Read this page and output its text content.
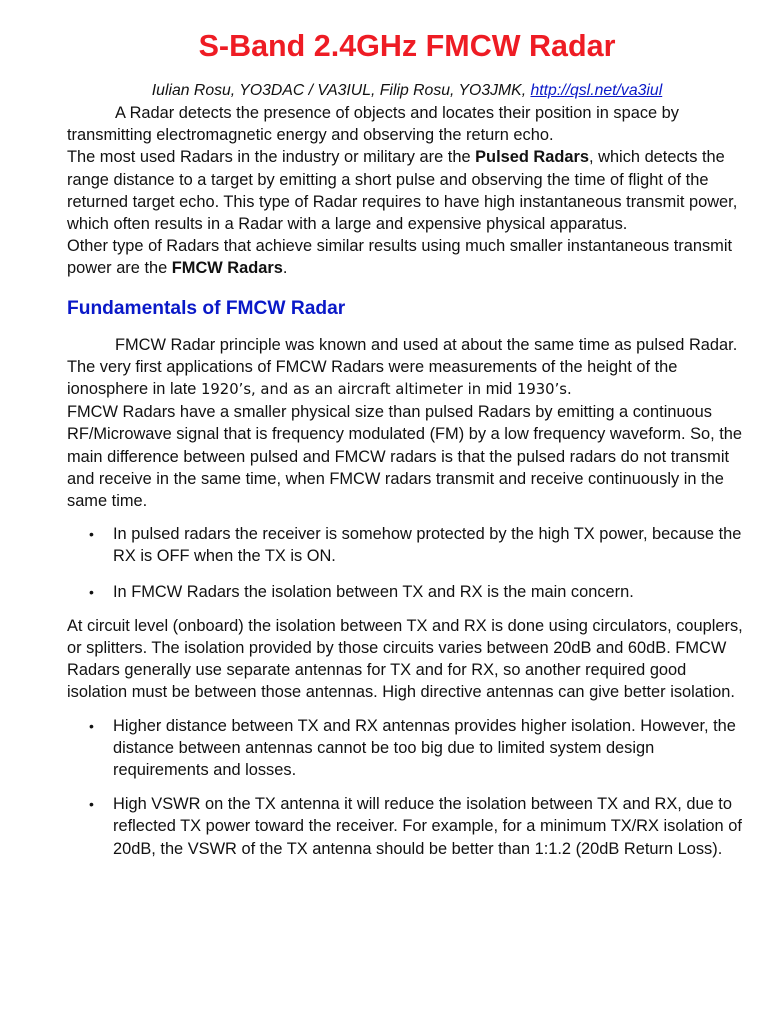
S-Band 2.4GHz FMCW Radar

Iulian Rosu, YO3DAC / VA3IUL, Filip Rosu, YO3JMK, http://qsl.net/va3iul

A Radar detects the presence of objects and locates their position in space by transmitting electromagnetic energy and observing the return echo.

The most used Radars in the industry or military are the Pulsed Radars, which detects the range distance to a target by emitting a short pulse and observing the time of flight of the returned target echo. This type of Radar requires to have high instantaneous transmit power, which often results in a Radar with a large and expensive physical apparatus.

Other type of Radars that achieve similar results using much smaller instantaneous transmit power are the FMCW Radars.

Fundamentals of FMCW Radar

FMCW Radar principle was known and used at about the same time as pulsed Radar. The very first applications of FMCW Radars were measurements of the height of the ionosphere in late 1920’s, and as an aircraft altimeter in mid 1930’s.

FMCW Radars have a smaller physical size than pulsed Radars by emitting a continuous RF/Microwave signal that is frequency modulated (FM) by a low frequency waveform. So, the main difference between pulsed and FMCW radars is that the pulsed radars do not transmit and receive in the same time, when FMCW radars transmit and receive continuously in the same time.

• In pulsed radars the receiver is somehow protected by the high TX power, because the RX is OFF when the TX is ON.
• In FMCW Radars the isolation between TX and RX is the main concern.

At circuit level (onboard) the isolation between TX and RX is done using circulators, couplers, or splitters. The isolation provided by those circuits varies between 20dB and 60dB. FMCW Radars generally use separate antennas for TX and for RX, so another required good isolation must be between those antennas. High directive antennas can give better isolation.

• Higher distance between TX and RX antennas provides higher isolation. However, the distance between antennas cannot be too big due to limited system design requirements and losses.
• High VSWR on the TX antenna it will reduce the isolation between TX and RX, due to reflected TX power toward the receiver. For example, for a minimum TX/RX isolation of 20dB, the VSWR of the TX antenna should be better than 1:1.2 (20dB Return Loss).
